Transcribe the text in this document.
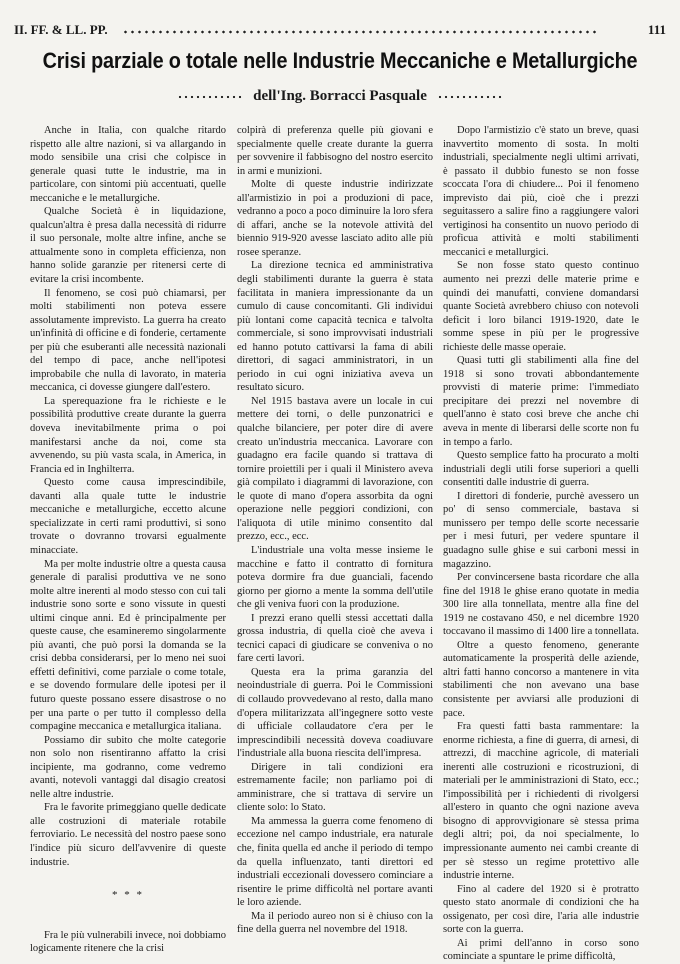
II. FF. & LL. PP.	111
Crisi parziale o totale nelle Industrie Meccaniche e Metallurgiche
dell'Ing. Borracci Pasquale

Anche in Italia, con qualche ritardo rispetto alle altre nazioni, si va allargando in modo sensibile una crisi che colpisce in generale quasi tutte le industrie, ma in particolare, con sintomi più accentuati, quelle meccaniche e le metallurgiche.

Qualche Società è in liquidazione, qualcun'altra è presa dalla necessità di ridurre il suo personale, molte altre infine, anche se attualmente sono in completa efficienza, non hanno solide garanzie per ritenersi certe di evitare la crisi incombente.

Il fenomeno, se così può chiamarsi, per molti stabilimenti non poteva essere assolutamente imprevisto. La guerra ha creato un'infinità di officine e di fonderie, certamente per più che esuberanti alle necessità nazionali del tempo di pace, anche nell'ipotesi improbabile che nulla di lavorato, in materia meccanica, ci dovesse giungere dall'estero.

La sperequazione fra le richieste e le possibilità produttive create durante la guerra doveva inevitabilmente prima o poi manifestarsi anche da noi, come sta avvenendo, su più vasta scala, in America, in Francia ed in Inghilterra.

Questo come causa imprescindibile, davanti alla quale tutte le industrie meccaniche e metallurgiche, eccetto alcune specializzate in certi rami produttivi, si sono trovate o dovranno trovarsi egualmente minacciate.

Ma per molte industrie oltre a questa causa generale di paralisi produttiva ve ne sono molte altre inerenti al modo stesso con cui tali industrie sono sorte e sono vissute in questi ultimi cinque anni. Ed è principalmente per queste cause, che esamineremo singolarmente più avanti, che può porsi la domanda se la crisi debba considerarsi, per lo meno nei suoi effetti definitivi, come parziale o come totale, e se dovendo formulare delle ipotesi per il futuro queste possano essere disastrose o no per una parte o per tutto il complesso della compagine meccanica e metallurgica italiana.

Possiamo dir subito che molte categorie non solo non risentiranno affatto la crisi incipiente, ma godranno, come vedremo avanti, notevoli vantaggi dal disagio creatosi nelle altre industrie.

Fra le favorite primeggiano quelle dedicate alle costruzioni di materiale rotabile ferroviario. Le necessità del nostro paese sono l'indice più sicuro dell'avvenire di queste industrie.

* * *

Fra le più vulnerabili invece, noi dobbiamo logicamente ritenere che la crisi

colpirà di preferenza quelle più giovani e specialmente quelle create durante la guerra per sovvenire il fabbisogno del nostro esercito in armi e munizioni.

Molte di queste industrie indirizzate all'armistizio in poi a produzioni di pace, vedranno a poco a poco diminuire la loro sfera di affari, anche se la notevole attività del biennio 919-920 avesse lasciato adito alle più rosee speranze.

La direzione tecnica ed amministrativa degli stabilimenti durante la guerra è stata facilitata in maniera impressionante da un cumulo di cause concomitanti. Gli individui più lontani come capacità tecnica e talvolta commerciale, si sono improvvisati industriali ed hanno potuto cattivarsi la fama di abili direttori, di sagaci amministratori, in un periodo in cui ogni iniziativa aveva un resultato sicuro.

Nel 1915 bastava avere un locale in cui mettere dei torni, o delle punzonatrici e qualche bilanciere, per poter dire di avere creato un'industria meccanica. Lavorare con guadagno era facile quando si trattava di tornire proiettili per i quali il Ministero aveva già compilato i diagrammi di lavorazione, con le quote di mano d'opera assorbita da ogni operazione nelle peggiori condizioni, con l'aliquota di utile minimo consentito dal prezzo, ecc., ecc.

L'industriale una volta messe insieme le macchine e fatto il contratto di fornitura poteva dormire fra due guanciali, facendo giorno per giorno a mente la somma dell'utile che gli veniva fuori con la produzione.

I prezzi erano quelli stessi accettati dalla grossa industria, di quella cioè che aveva i tecnici capaci di giudicare se conveniva o no fare certi lavori.

Questa era la prima garanzia del neoindustriale di guerra. Poi le Commissioni di collaudo provvedevano al resto, dalla mano d'opera militarizzata all'ingegnere sotto veste di ufficiale collaudatore c'era per le imprescindibili necessità doveva coadiuvare l'industriale alla buona riescita dell'impresa.

Dirigere in tali condizioni era estremamente facile; non parliamo poi di amministrare, che si trattava di servire un cliente solo: lo Stato.

Ma ammessa la guerra come fenomeno di eccezione nel campo industriale, era naturale che, finita quella ed anche il periodo di tempo da quella influenzato, tanti direttori ed industriali eccezionali dovessero cominciare a risentire le prime difficoltà nel portare avanti le loro aziende.

Ma il periodo aureo non si è chiuso con la fine della guerra nel novembre del 1918.

Dopo l'armistizio c'è stato un breve, quasi inavvertito momento di sosta. In molti industriali, specialmente negli ultimi arrivati, è passato il dubbio funesto se non fosse scoccata l'ora di chiudere... Poi il fenomeno imprevisto dai più, cioè che i prezzi seguitassero a salire fino a raggiungere valori vertiginosi ha consentito un nuovo periodo di proficua attività e molti stabilimenti meccanici e metallurgici.

Se non fosse stato questo continuo aumento nei prezzi delle materie prime e quindi dei manufatti, conviene domandarsi quante Società avrebbero chiuso con notevoli deficit i loro bilanci 1919-1920, date le somme spese in più per le progressive richieste delle masse operaie.

Quasi tutti gli stabilimenti alla fine del 1918 si sono trovati abbondantemente provvisti di materie prime: l'immediato precipitare dei prezzi nel novembre di quell'anno è stato così breve che anche chi aveva in mente di liberarsi delle scorte non fu in tempo a farlo.

Questo semplice fatto ha procurato a molti industriali degli utili forse superiori a quelli consentiti dalle industrie di guerra.

I direttori di fonderie, purchè avessero un po' di senso commerciale, bastava si munissero per tempo delle scorte necessarie per i mesi futuri, per vedere spuntare il guadagno sulle ghise e sui carboni messi in magazzino.

Per convincersene basta ricordare che alla fine del 1918 le ghise erano quotate in media 300 lire alla tonnellata, mentre alla fine del 1919 ne costavano 450, e nel dicembre 1920 toccavano il massimo di 1400 lire a tonnellata.

Oltre a questo fenomeno, generante automaticamente la prosperità delle aziende, altri fatti hanno concorso a mantenere in vita stabilimenti che non avevano una base consistente per avviarsi alle produzioni di pace.

Fra questi fatti basta rammentare: la enorme richiesta, a fine di guerra, di arnesi, di attrezzi, di macchine agricole, di materiali inerenti alle costruzioni e ricostruzioni, di materiali per le amministrazioni di Stato, ecc.; l'impossibilità per i richiedenti di rivolgersi all'estero in quanto che ogni nazione aveva bisogno di approvvigionare sè stessa prima degli altri; poi, da noi specialmente, lo impressionante aumento nei cambi creante di per sè stesso un regime protettivo alle industrie interne.

Fino al cadere del 1920 si è protratto questo stato anormale di condizioni che ha ossigenato, per così dire, l'aria alle industrie sorte con la guerra.

Ai primi dell'anno in corso sono cominciate a spuntare le prime difficoltà,
